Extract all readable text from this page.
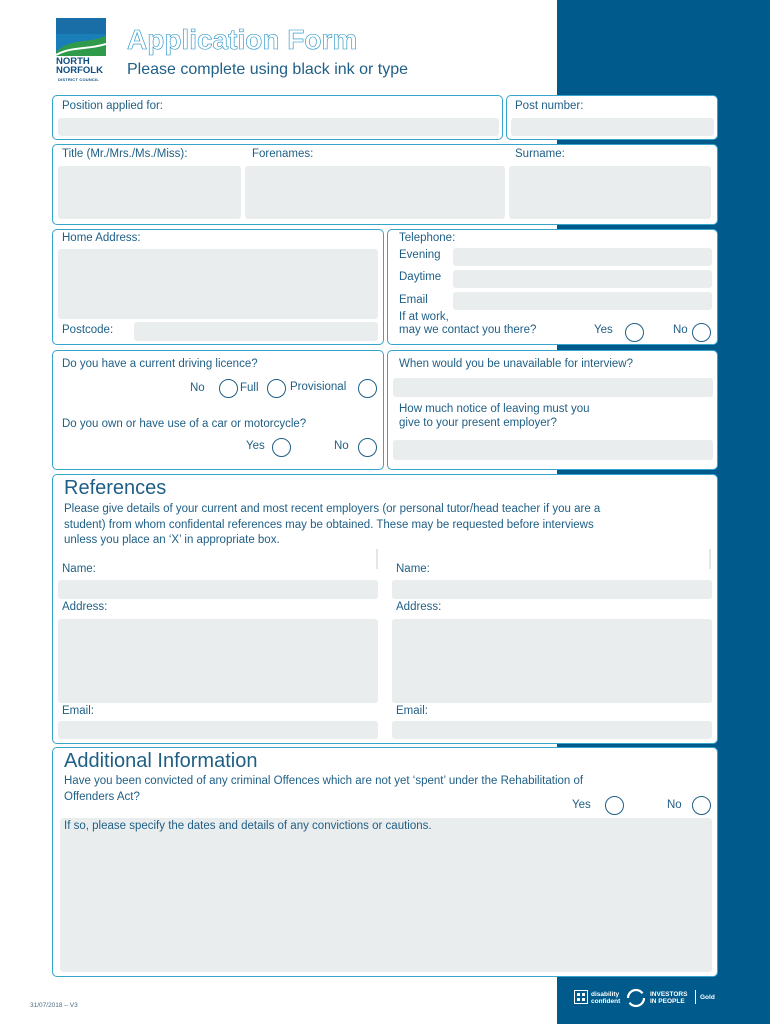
NORTH
NORFOLK
DISTRICT COUNCIL
Application Form
Please complete using black ink or type
Position applied for:	Post number:
Title (Mr./Mrs./Ms./Miss):	Forenames:	Surname:
Home Address:
Postcode:
Telephone:
Evening
Daytime
Email
If at work,
may we contact you there?	Yes	No
Do you have a current driving licence?
No	Full	Provisional
Do you own or have use of a car or motorcycle?
Yes	No
When would you be unavailable for interview?
How much notice of leaving must you
give to your present employer?
References
Please give details of your current and most recent employers (or personal tutor/head teacher if you are a
student) from whom confidental references may be obtained. These may be requested before interviews
unless you place an ‘X’ in appropriate box.
Name:
Address:
Email:
Name:
Address:
Email:
Additional Information
Have you been convicted of any criminal Offences which are not yet ‘spent’ under the Rehabilitation of
Offenders Act?
Yes	No
If so, please specify the dates and details of any convictions or cautions.
31/07/2018 – V3
disability
confident
INVESTORS
IN PEOPLE
Gold
